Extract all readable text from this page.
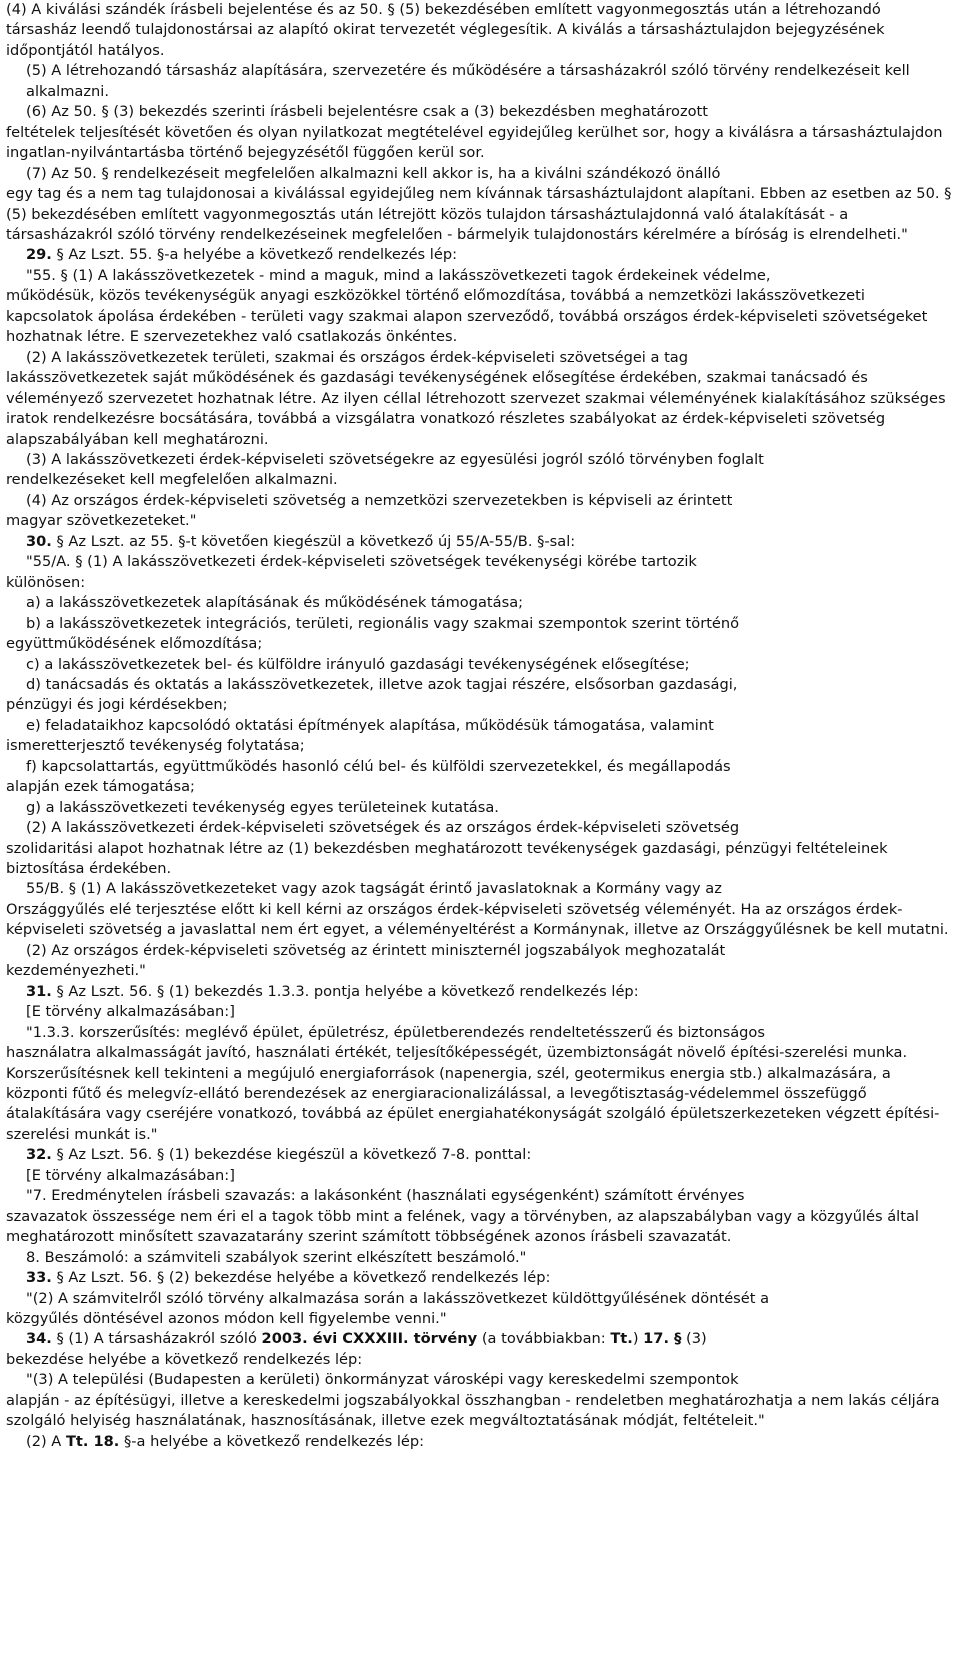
(4) A kiválási szándék írásbeli bejelentése és az 50. § (5) bekezdésében említett vagyonmegosztás után a létrehozandó társasház leendő tulajdonostársai az alapító okirat tervezetét véglegesítik. A kiválás a társasháztulajdon bejegyzésének időpontjától hatályos.
(5) A létrehozandó társasház alapítására, szervezetére és működésére a társasházakról szóló törvény rendelkezéseit kell alkalmazni.
(6) Az 50. § (3) bekezdés szerinti írásbeli bejelentésre csak a (3) bekezdésben meghatározott
feltételek teljesítését követően és olyan nyilatkozat megtételével egyidejűleg kerülhet sor, hogy a kiválásra a társasháztulajdon ingatlan-nyilvántartásba történő bejegyzésétől függően kerül sor.
(7) Az 50. § rendelkezéseit megfelelően alkalmazni kell akkor is, ha a kiválni szándékozó önálló
egy tag és a nem tag tulajdonosai a kiválással egyidejűleg nem kívánnak társasháztulajdont alapítani. Ebben az esetben az 50. § (5) bekezdésében említett vagyonmegosztás után létrejött közös tulajdon társasháztulajdonná való átalakítását - a társasházakról szóló törvény rendelkezéseinek megfelelően - bármelyik tulajdonostárs kérelmére a bíróság is elrendelheti."
29. § Az Lszt. 55. §-a helyébe a következő rendelkezés lép:
"55. § (1) A lakásszövetkezetek - mind a maguk, mind a lakásszövetkezeti tagok érdekeinek védelme,
működésük, közös tevékenységük anyagi eszközökkel történő előmozdítása, továbbá a nemzetközi lakásszövetkezeti kapcsolatok ápolása érdekében - területi vagy szakmai alapon szerveződő, továbbá országos érdek-képviseleti szövetségeket hozhatnak létre. E szervezetekhez való csatlakozás önkéntes.
(2) A lakásszövetkezetek területi, szakmai és országos érdek-képviseleti szövetségei a tag
lakásszövetkezetek saját működésének és gazdasági tevékenységének elősegítése érdekében, szakmai tanácsadó és véleményező szervezetet hozhatnak létre. Az ilyen céllal létrehozott szervezet szakmai véleményének kialakításához szükséges iratok rendelkezésre bocsátására, továbbá a vizsgálatra vonatkozó részletes szabályokat az érdek-képviseleti szövetség alapszabályában kell meghatározni.
(3) A lakásszövetkezeti érdek-képviseleti szövetségekre az egyesülési jogról szóló törvényben foglalt
rendelkezéseket kell megfelelően alkalmazni.
(4) Az országos érdek-képviseleti szövetség a nemzetközi szervezetekben is képviseli az érintett
magyar szövetkezeteket."
30. § Az Lszt. az 55. §-t követően kiegészül a következő új 55/A-55/B. §-sal:
"55/A. § (1) A lakásszövetkezeti érdek-képviseleti szövetségek tevékenységi körébe tartozik
különösen:
a) a lakásszövetkezetek alapításának és működésének támogatása;
b) a lakásszövetkezetek integrációs, területi, regionális vagy szakmai szempontok szerint történő
együttműködésének előmozdítása;
c) a lakásszövetkezetek bel- és külföldre irányuló gazdasági tevékenységének elősegítése;
d) tanácsadás és oktatás a lakásszövetkezetek, illetve azok tagjai részére, elsősorban gazdasági,
pénzügyi és jogi kérdésekben;
e) feladataikhoz kapcsolódó oktatási építmények alapítása, működésük támogatása, valamint
ismeretterjesztő tevékenység folytatása;
f) kapcsolattartás, együttműködés hasonló célú bel- és külföldi szervezetekkel, és megállapodás
alapján ezek támogatása;
g) a lakásszövetkezeti tevékenység egyes területeinek kutatása.
(2) A lakásszövetkezeti érdek-képviseleti szövetségek és az országos érdek-képviseleti szövetség
szolidaritási alapot hozhatnak létre az (1) bekezdésben meghatározott tevékenységek gazdasági, pénzügyi feltételeinek biztosítása érdekében.
55/B. § (1) A lakásszövetkezeteket vagy azok tagságát érintő javaslatoknak a Kormány vagy az
Országgyűlés elé terjesztése előtt ki kell kérni az országos érdek-képviseleti szövetség véleményét. Ha az országos érdek-képviseleti szövetség a javaslattal nem ért egyet, a véleményeltérést a Kormánynak, illetve az Országgyűlésnek be kell mutatni.
(2) Az országos érdek-képviseleti szövetség az érintett miniszternél jogszabályok meghozatalát
kezdeményezheti."
31. § Az Lszt. 56. § (1) bekezdés 1.3.3. pontja helyébe a következő rendelkezés lép:
[E törvény alkalmazásában:]
"1.3.3. korszerűsítés: meglévő épület, épületrész, épületberendezés rendeltetésszerű és biztonságos
használatra alkalmasságát javító, használati értékét, teljesítőképességét, üzembiztonságát növelő építési-szerelési munka. Korszerűsítésnek kell tekinteni a megújuló energiaforrások (napenergia, szél, geotermikus energia stb.) alkalmazására, a központi fűtő és melegvíz-ellátó berendezések az energiaracionalizálással, a levegőtisztaság-védelemmel összefüggő átalakítására vagy cseréjére vonatkozó, továbbá az épület energiahatékonyságát szolgáló épületszerkezeteken végzett építési-szerelési munkát is."
32. § Az Lszt. 56. § (1) bekezdése kiegészül a következő 7-8. ponttal:
[E törvény alkalmazásában:]
"7. Eredménytelen írásbeli szavazás: a lakásonként (használati egységenként) számított érvényes
szavazatok összessége nem éri el a tagok több mint a felének, vagy a törvényben, az alapszabályban vagy a közgyűlés által meghatározott minősített szavazatarány szerint számított többségének azonos írásbeli szavazatát.
8. Beszámoló: a számviteli szabályok szerint elkészített beszámoló."
33. § Az Lszt. 56. § (2) bekezdése helyébe a következő rendelkezés lép:
"(2) A számvitelről szóló törvény alkalmazása során a lakásszövetkezet küldöttgyűlésének döntését a
közgyűlés döntésével azonos módon kell figyelembe venni."
34. § (1) A társasházakról szóló 2003. évi CXXXIII. törvény (a továbbiakban: Tt.) 17. § (3)
bekezdése helyébe a következő rendelkezés lép:
"(3) A települési (Budapesten a kerületi) önkormányzat városképi vagy kereskedelmi szempontok
alapján - az építésügyi, illetve a kereskedelmi jogszabályokkal összhangban - rendeletben meghatározhatja a nem lakás céljára szolgáló helyiség használatának, hasznosításának, illetve ezek megváltoztatásának módját, feltételeit."
(2) A Tt. 18. §-a helyébe a következő rendelkezés lép:
